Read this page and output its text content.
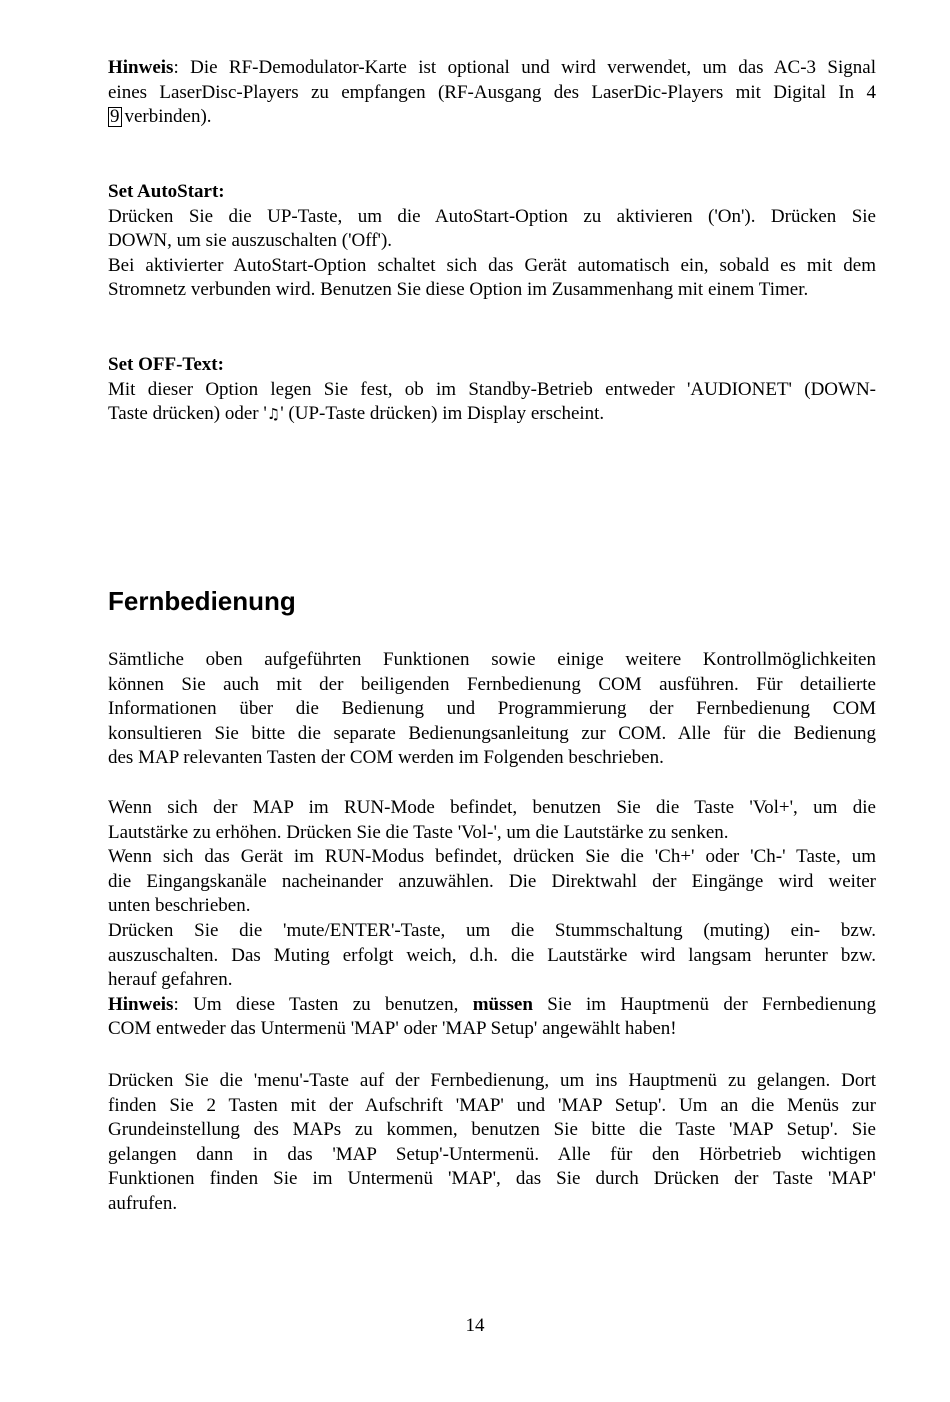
Hinweis: Die RF-Demodulator-Karte ist optional und wird verwendet, um das AC-3 Signal
eines LaserDisc-Players zu empfangen (RF-Ausgang des LaserDic-Players mit Digital In 4
9 verbinden).
Set AutoStart:
Drücken Sie die UP-Taste, um die AutoStart-Option zu aktivieren ('On'). Drücken Sie
DOWN, um sie auszuschalten ('Off').
Bei aktivierter AutoStart-Option schaltet sich das Gerät automatisch ein, sobald es mit dem
Stromnetz verbunden wird. Benutzen Sie diese Option im Zusammenhang mit einem Timer.
Set OFF-Text:
Mit dieser Option legen Sie fest, ob im Standby-Betrieb entweder 'AUDIONET' (DOWN-
Taste drücken) oder '♫' (UP-Taste drücken) im Display erscheint.
Fernbedienung
Sämtliche oben aufgeführten Funktionen sowie einige weitere Kontrollmöglichkeiten
können Sie auch mit der beiligenden Fernbedienung COM ausführen. Für detailierte
Informationen über die Bedienung und Programmierung der Fernbedienung COM
konsultieren Sie bitte die separate Bedienungsanleitung zur COM. Alle für die Bedienung
des MAP relevanten Tasten der COM werden im Folgenden beschrieben.
Wenn sich der MAP im RUN-Mode befindet, benutzen Sie die Taste 'Vol+', um die
Lautstärke zu erhöhen. Drücken Sie die Taste 'Vol-', um die Lautstärke zu senken.
Wenn sich das Gerät im RUN-Modus befindet, drücken Sie die 'Ch+' oder 'Ch-' Taste, um
die Eingangskanäle nacheinander anzuwählen. Die Direktwahl der Eingänge wird weiter
unten beschrieben.
Drücken Sie die 'mute/ENTER'-Taste, um die Stummschaltung (muting) ein- bzw.
auszuschalten. Das Muting erfolgt weich, d.h. die Lautstärke wird langsam herunter bzw.
herauf gefahren.
Hinweis: Um diese Tasten zu benutzen, müssen Sie im Hauptmenü der Fernbedienung
COM entweder das Untermenü 'MAP' oder 'MAP Setup' angewählt haben!
Drücken Sie die 'menu'-Taste auf der Fernbedienung, um ins Hauptmenü zu gelangen. Dort
finden Sie 2 Tasten mit der Aufschrift 'MAP' und 'MAP Setup'. Um an die Menüs zur
Grundeinstellung des MAPs zu kommen, benutzen Sie bitte die Taste 'MAP Setup'. Sie
gelangen dann in das 'MAP Setup'-Untermenü. Alle für den Hörbetrieb wichtigen
Funktionen finden Sie im Untermenü 'MAP', das Sie durch Drücken der Taste 'MAP'
aufrufen.
14
